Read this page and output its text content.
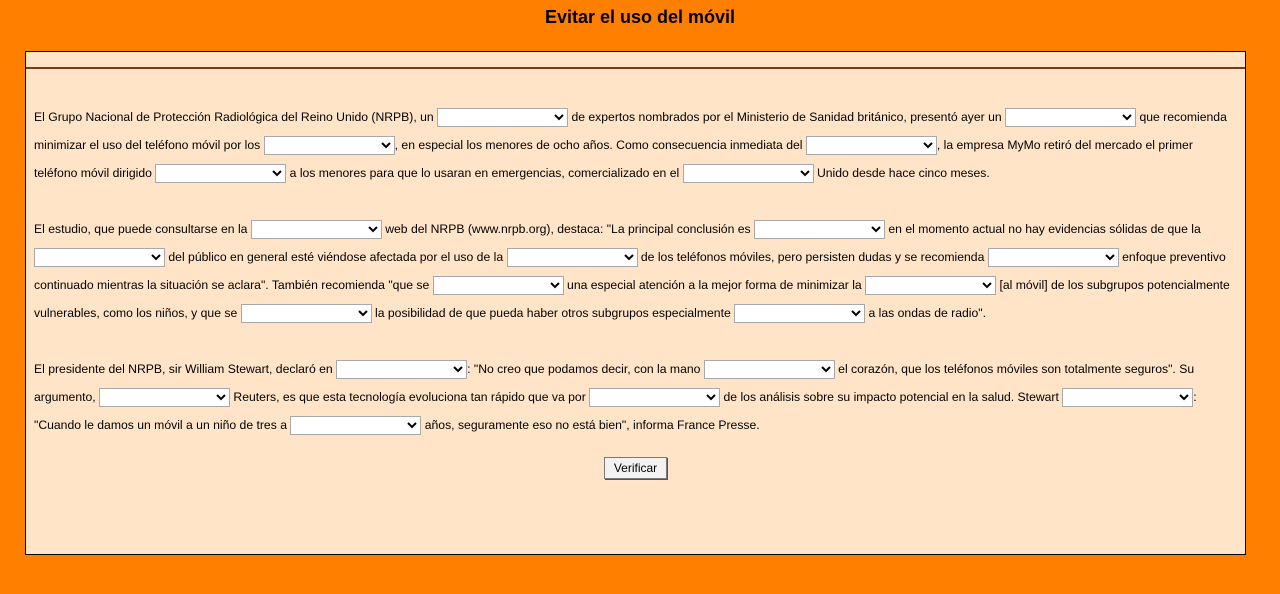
Evitar el uso del móvil

El Grupo Nacional de Protección Radiológica del Reino Unido (NRPB), un	de expertos nombrados por el Ministerio de Sanidad británico, presentó ayer un	que recomienda minimizar el uso del teléfono móvil por los	, en especial los menores de ocho años. Como consecuencia inmediata del	, la empresa MyMo retiró del mercado el primer teléfono móvil dirigido	a los menores para que lo usaran en emergencias, comercializado en el	Unido desde hace cinco meses.

El estudio, que puede consultarse en la	web del NRPB (www.nrpb.org), destaca: "La principal conclusión es	en el momento actual no hay evidencias sólidas de que la
del público en general esté viéndose afectada por el uso de la	de los teléfonos móviles, pero persisten dudas y se recomienda	enfoque preventivo continuado mientras la situación se aclara". También recomienda "que se	una especial atención a la mejor forma de minimizar la	[al móvil] de los subgrupos potencialmente vulnerables, como los niños, y que se	la posibilidad de que pueda haber otros subgrupos especialmente	a las ondas de radio".

El presidente del NRPB, sir William Stewart, declaró en	: "No creo que podamos decir, con la mano	el corazón, que los teléfonos móviles son totalmente seguros". Su argumento,	Reuters, es que esta tecnología evoluciona tan rápido que va por	de los análisis sobre su impacto potencial en la salud. Stewart	: "Cuando le damos un móvil a un niño de tres a	años, seguramente eso no está bien", informa France Presse.

Verificar
